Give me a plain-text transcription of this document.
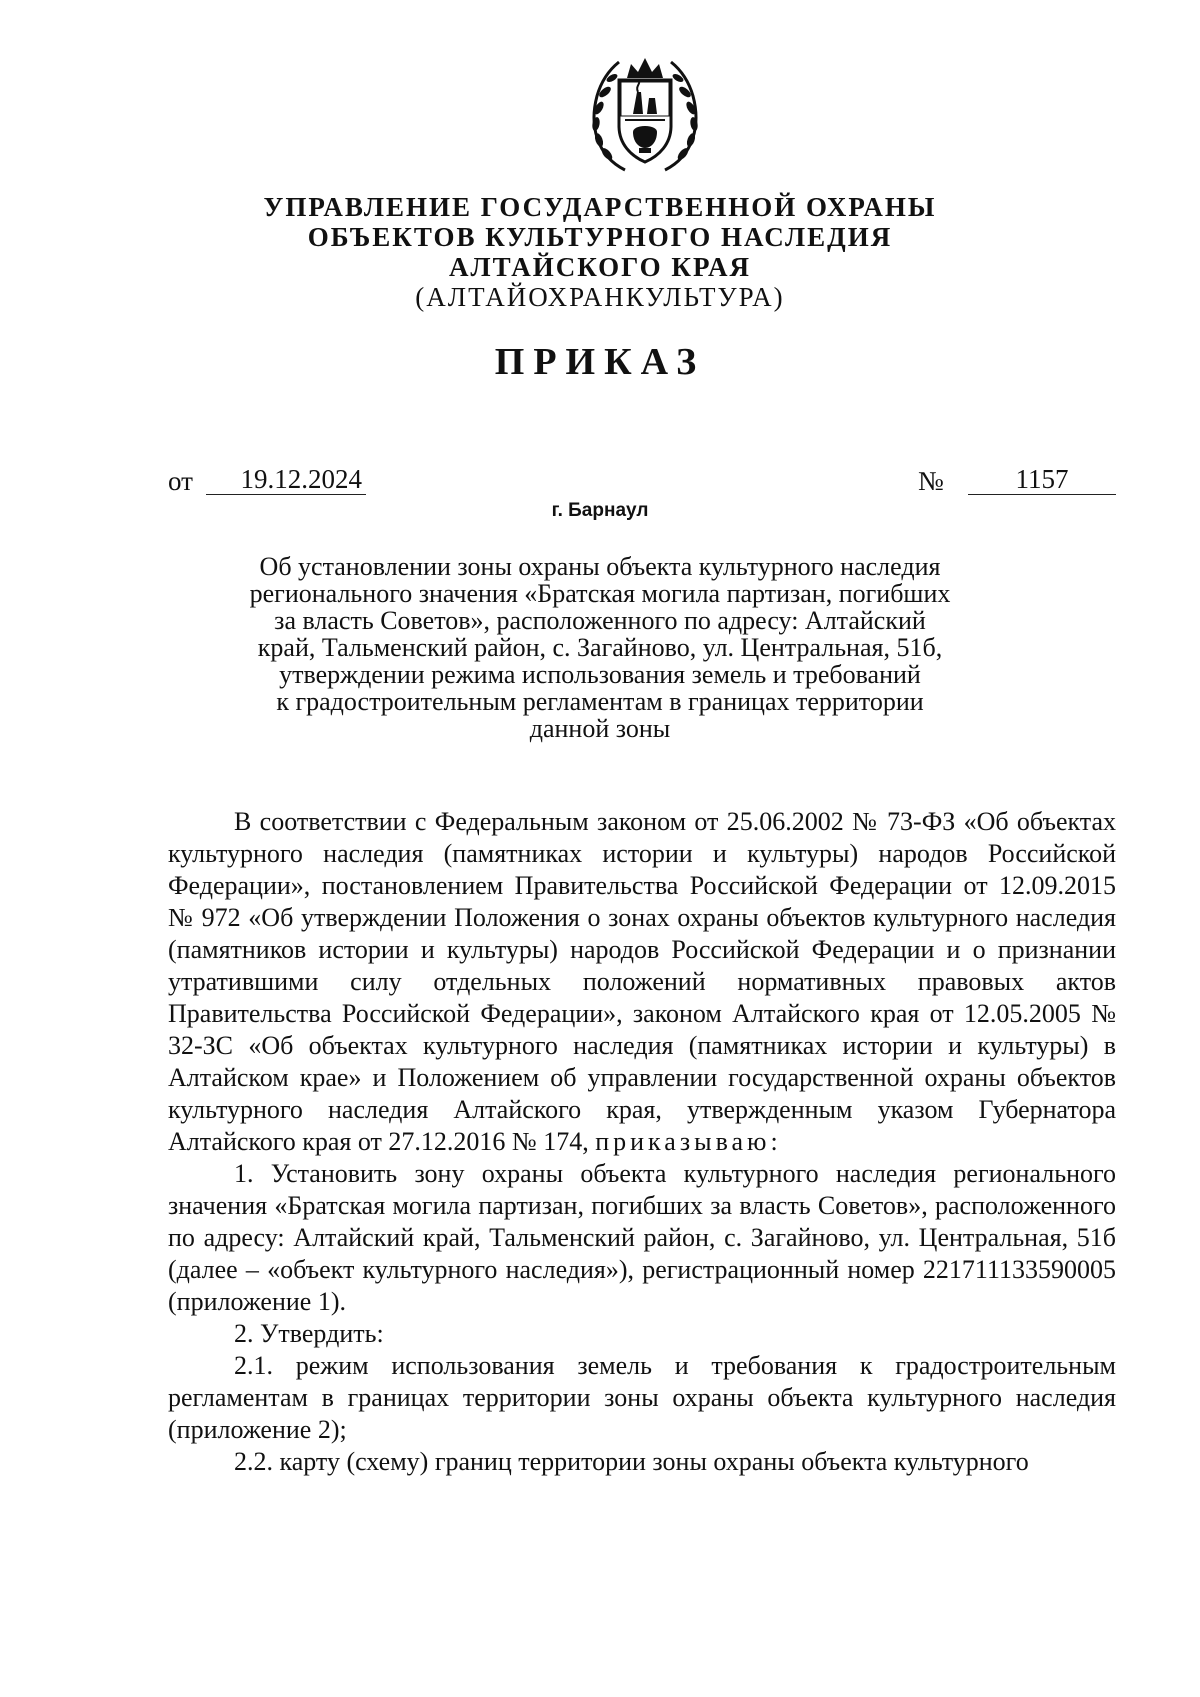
УПРАВЛЕНИЕ ГОСУДАРСТВЕННОЙ ОХРАНЫ
ОБЪЕКТОВ КУЛЬТУРНОГО НАСЛЕДИЯ
АЛТАЙСКОГО КРАЯ
(АЛТАЙОХРАНКУЛЬТУРА)
ПРИКАЗ
от	19.12.2024	№	1157
г. Барнаул
Об установлении зоны охраны объекта культурного наследия
регионального значения «Братская могила партизан, погибших
за власть Советов», расположенного по адресу: Алтайский
край, Тальменский район, с. Загайново, ул. Центральная, 51б,
утверждении режима использования земель и требований
к градостроительным регламентам в границах территории
данной зоны

В соответствии с Федеральным законом от 25.06.2002 № 73-ФЗ «Об объектах культурного наследия (памятниках истории и культуры) народов Российской Федерации», постановлением Правительства Российской Федерации от 12.09.2015 № 972 «Об утверждении Положения о зонах охраны объектов культурного наследия (памятников истории и культуры) народов Российской Федерации и о признании утратившими силу отдельных положений нормативных правовых актов Правительства Российской Федерации», законом Алтайского края от 12.05.2005 № 32-ЗС «Об объектах культурного наследия (памятниках истории и культуры) в Алтайском крае» и Положением об управлении государственной охраны объектов культурного наследия Алтайского края, утвержденным указом Губернатора Алтайского края от 27.12.2016 № 174, приказываю:

1. Установить зону охраны объекта культурного наследия регионального значения «Братская могила партизан, погибших за власть Советов», расположенного по адресу: Алтайский край, Тальменский район, с. Загайново, ул. Центральная, 51б (далее – «объект культурного наследия»), регистрационный номер 221711133590005 (приложение 1).

2. Утвердить:

2.1. режим использования земель и требования к градостроительным регламентам в границах территории зоны охраны объекта культурного наследия (приложение 2);

2.2. карту (схему) границ территории зоны охраны объекта культурного
